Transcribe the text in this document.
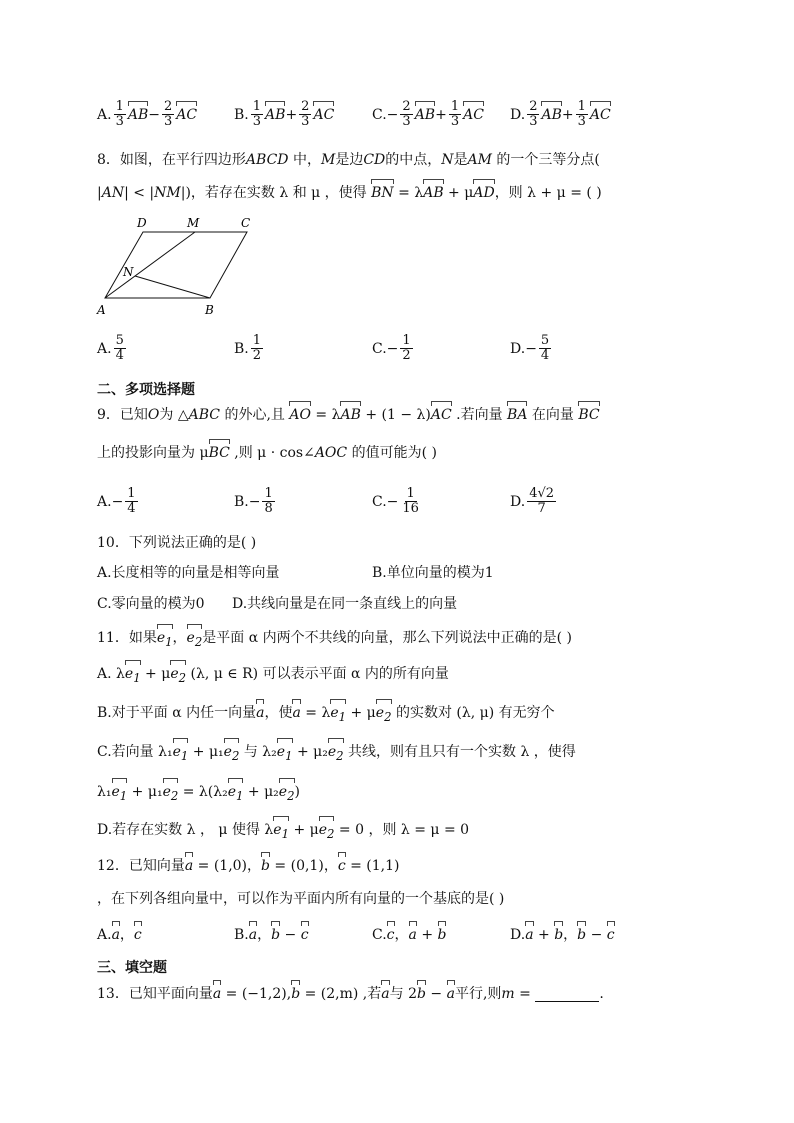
A. $\frac{1}{3}$ AB − $\frac{2}{3}$ AC	B. $\frac{1}{3}$ AB + $\frac{2}{3}$ AC	C. − $\frac{2}{3}$ AB + $\frac{1}{3}$ AC D. $\frac{2}{3}$ AB + $\frac{1}{3}$ AC
8．如图，在平行四边形ABCD 中，M是边CD的中点，N是AM 的一个三等分点(
|AN| < |NM|)，若存在实数 λ 和 μ ，使得 BN = λAB + μAD，则 λ + μ = ( )
D	M	C
N
A	B
A. $\frac{5}{4}$	B. $\frac{1}{2}$	C. − $\frac{1}{2}$	D. − $\frac{5}{4}$
二、多项选择题
9．已知O为 △ABC 的外心,且 AO = λAB + (1 − λ)AC .若向量 BA 在向量 BC
上的投影向量为 μBC ,则 μ · cos∠AOC 的值可能为( )
A. − $\frac{1}{4}$	B. − $\frac{1}{8}$	C. − $\frac{1}{16}$	D. $\frac{4√2}{7}$
10．下列说法正确的是( )
A.长度相等的向量是相等向量	B.单位向量的模为1
C.零向量的模为0 D.共线向量是在同一条直线上的向量
11．如果$e_1$，$e_2$是平面 α 内两个不共线的向量，那么下列说法中正确的是( )
A. $\lambda e_1 + \mu e_2$ (λ, μ ∈ R) 可以表示平面 α 内的所有向量
B.对于平面 α 内任一向量a，使$a = \lambda e_1 + \mu e_2$ 的实数对 (λ, μ) 有无穷个
C.若向量 $\lambda_1e_1 + \mu_1e_2$ 与 $\lambda_2e_1 + \mu_2e_2$ 共线，则有且只有一个实数 λ ，使得
$\lambda_1e_1 + \mu_1e_2 = \lambda(\lambda_2e_1 + \mu_2e_2)$
D.若存在实数 λ ， μ 使得 $\lambda e_1 + \mu e_2 = 0$ ，则 λ = μ = 0
12．已知向量a = (1,0)，b = (0,1)，c = (1,1)
，在下列各组向量中，可以作为平面内所有向量的一个基底的是( )
A.a，c	B.a，b − c	C.c，a + b	D.a + b，b − c
三、填空题
13．已知平面向量a = (−1,2),b = (2,m) ,若a与 2b − a平行,则m =	.
